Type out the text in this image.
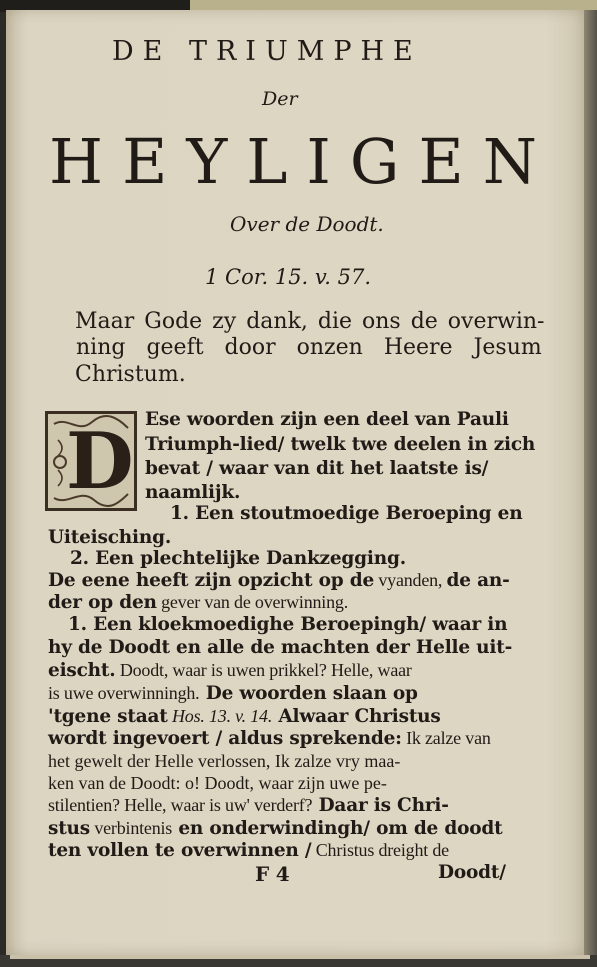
DE TRIUMPHE
Der
HEYLIGEN
Over de Doodt.
1 Cor. 15. v. 57.
Maar Gode zy dank, die ons de overwin-
ning geeft door onzen Heere Jesum
Christum.
D Ese woorden zijn een deel van Pauli
Triumph-lied/ twelk twe deelen in zich
bevat / waar van dit het laatste is/
naamlijk.
1. Een stoutmoedige Beroeping en
Uiteisching.
2. Een plechtelijke Dankzegging.
De eene heeft zijn opzicht op de vyanden, de an-
der op den gever van de overwinning.
1. Een kloekmoedighe Beroepingh/ waar in
hy de Doodt en alle de machten der Helle uit-
eischt. Doodt, waar is uwen prikkel? Helle, waar
is uwe overwinningh. De woorden slaan op
'tgene staat Hos. 13. v. 14. Alwaar Christus
wordt ingevoert / aldus sprekende: Ik zalze van
het gewelt der Helle verlossen, Ik zalze vry maa-
ken van de Doodt: o! Doodt, waar zijn uwe pe-
stilentien? Helle, waar is uw' verderf? Daar is Chri-
stus verbintenis en onderwindingh/ om de doodt
ten vollen te overwinnen / Christus dreight de
F 4	Doodt/
